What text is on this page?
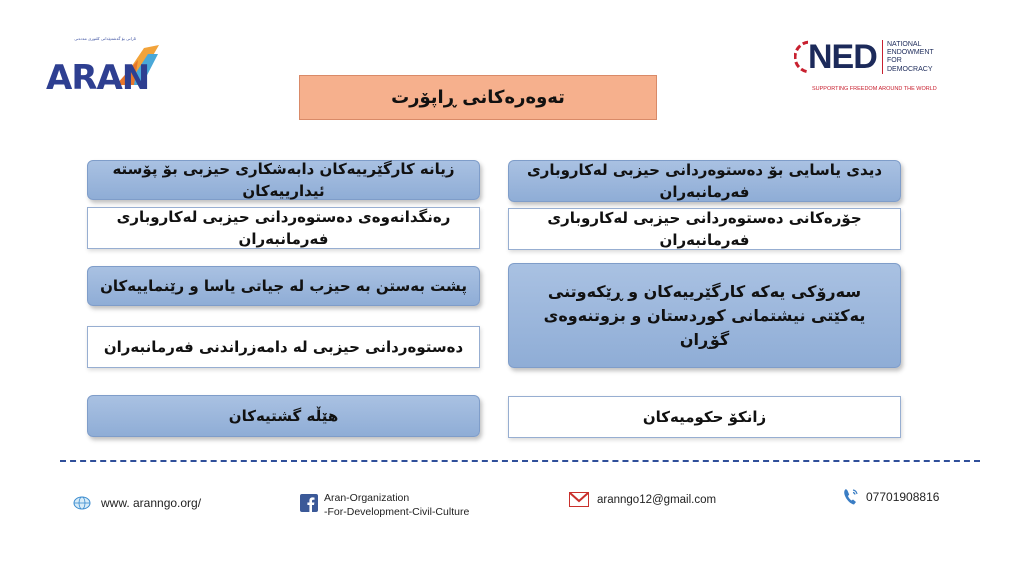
ئارانی بۆ گەشەپێدانی کلتوری مەدەنی
ARAN
NED NATIONAL
ENDOWMENT
FOR
DEMOCRACY
SUPPORTING FREEDOM AROUND THE WORLD
تەوەرەكانی ڕاپۆرت
زیانە كارگێرییەكان دابەشكاری حیزبی بۆ پۆستە ئیدارییەكان
رەنگدانەوەی دەستوەردانی حیزبی لەكاروباری فەرمانبەران
پشت بەستن بە حیزب لە جیاتی یاسا و رێنماییەكان
دەستوەردانی حیزبی لە دامەزراندنی فەرمانبەران
هێڵە گشتیەكان
دیدی یاسایی بۆ دەستوەردانی حیزبی لەكاروباری فەرمانبەران
جۆرەكانی دەستوەردانی حیزبی لەكاروباری فەرمانبەران
سەرۆكی یەكە كارگێرییەكان و ڕێكەوتنی یەكێتی نیشتمانی كوردستان و بزوتنەوەی گۆڕان
زانكۆ حكومیەكان
www. aranngo.org/	Aran-Organization
-For-Development-Civil-Culture
aranngo12@gmail.com	07701908816
